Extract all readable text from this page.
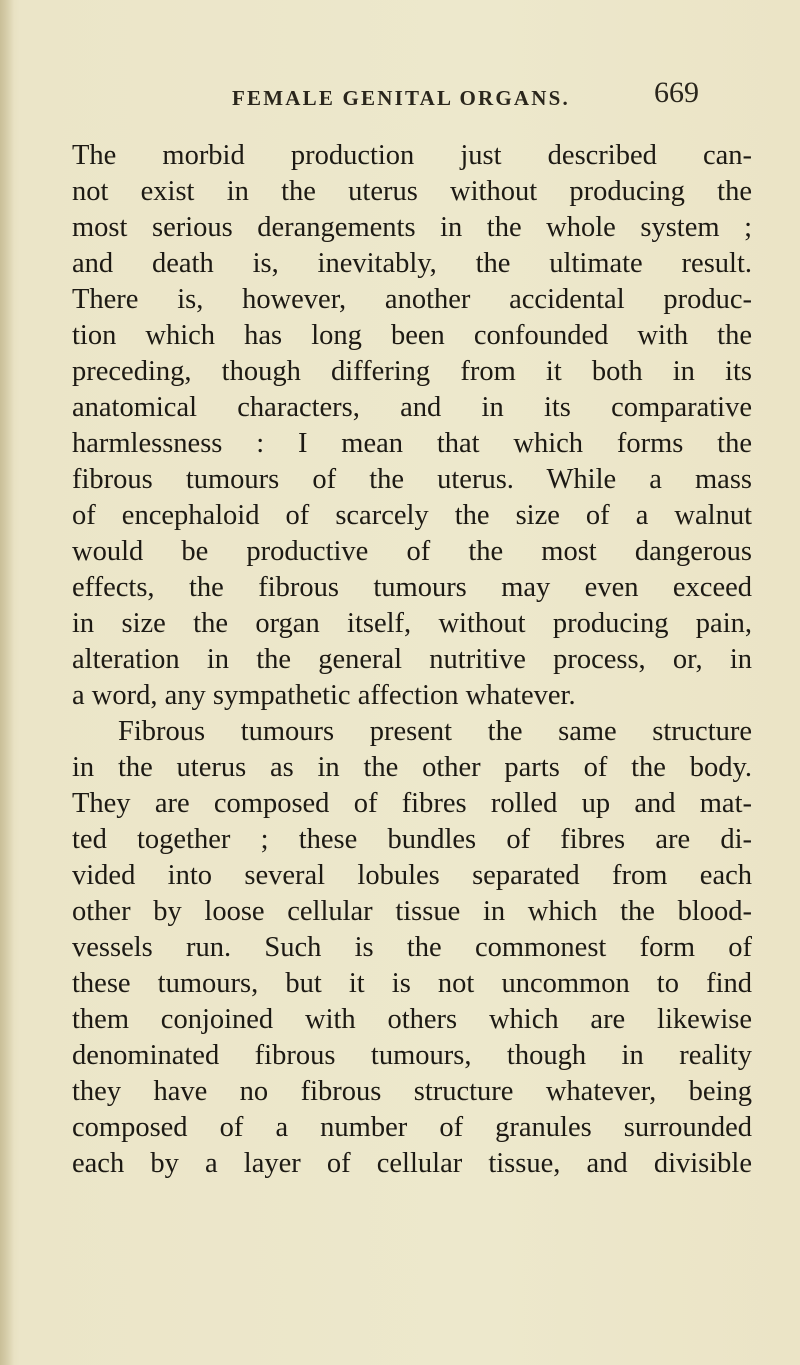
FEMALE GENITAL ORGANS.	669
The morbid production just described can-
not exist in the uterus without producing the
most serious derangements in the whole system ;
and death is, inevitably, the ultimate result.
There is, however, another accidental produc-
tion which has long been confounded with the
preceding, though differing from it both in its
anatomical characters, and in its comparative
harmlessness : I mean that which forms the
fibrous tumours of the uterus. While a mass
of encephaloid of scarcely the size of a walnut
would be productive of the most dangerous
effects, the fibrous tumours may even exceed
in size the organ itself, without producing pain,
alteration in the general nutritive process, or, in
a word, any sympathetic affection whatever.
Fibrous tumours present the same structure
in the uterus as in the other parts of the body.
They are composed of fibres rolled up and mat-
ted together ; these bundles of fibres are di-
vided into several lobules separated from each
other by loose cellular tissue in which the blood-
vessels run. Such is the commonest form of
these tumours, but it is not uncommon to find
them conjoined with others which are likewise
denominated fibrous tumours, though in reality
they have no fibrous structure whatever, being
composed of a number of granules surrounded
each by a layer of cellular tissue, and divisible
